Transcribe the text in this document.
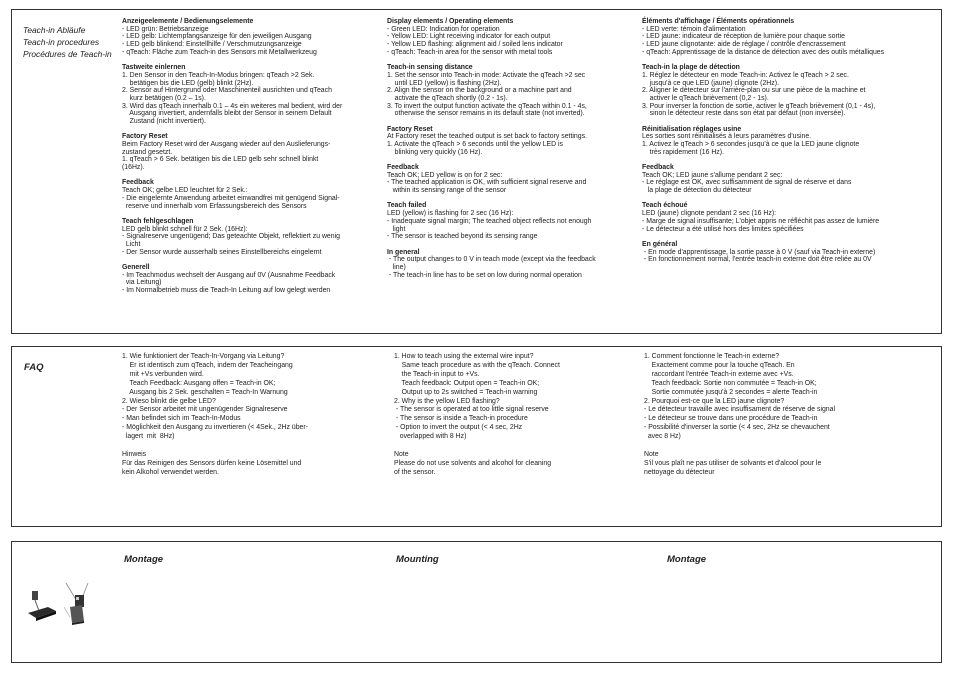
Teach-in Abläufe
Teach-in procedures
Procédures de Teach-in
Anzeigeelemente / Bedienungselemente
- LED grün: Betriebsanzeige
- LED gelb: Lichtempfangsanzeige für den jeweiligen Ausgang
- LED gelb blinkend: Einstellhilfe / Verschmutzungsanzeige
- qTeach: Fläche zum Teach-in des Sensors mit Metallwerkzeug
Tastweite einlernen
1. Den Sensor in den Teach-In-Modus bringen: qTeach >2 Sek.
betätigen bis die LED (gelb) blinkt (2Hz).
2. Sensor auf Hintergrund oder Maschinenteil ausrichten und qTeach
kurz betätigen (0.2 – 1s).
3. Wird das qTeach innerhalb 0.1 – 4s ein weiteres mal bedient, wird der
Ausgang invertiert, andernfalls bleibt der Sensor in seinem Default
Zustand (nicht invertiert).
Factory Reset
Beim Factory Reset wird der Ausgang wieder auf den Auslieferungs-
zustand gesetzt.
1. qTeach > 6 Sek. betätigen bis die LED gelb sehr schnell blinkt
(16Hz).
Feedback
Teach OK; gelbe LED leuchtet für 2 Sek.:
- Die eingelernte Anwendung arbeitet einwandfrei mit genügend Signal-
reserve und innerhalb vom Erfassungsbereich des Sensors
Teach fehlgeschlagen
LED gelb blinkt schnell für 2 Sek. (16Hz):
- Signalreserve ungenügend; Das geteachte Objekt, reflektiert zu wenig
Licht
- Der Sensor wurde ausserhalb seines Einstellbereichs eingelernt
Generell
- Im Teachmodus wechselt der Ausgang auf 0V (Ausnahme Feedback
via Leitung)
- Im Normalbetrieb muss die Teach-In Leitung auf low gelegt werden
Display elements / Operating elements
- Green LED: Indication for operation
- Yellow LED: Light receiving indicator for each output
- Yellow LED flashing: alignment aid / soiled lens indicator
- qTeach: Teach-in area for the sensor with metal tools
Teach-in sensing distance
1. Set the sensor into Teach-in mode: Activate the qTeach >2 sec
until LED (yellow) is flashing (2Hz).
2. Align the sensor on the background or a machine part and
activate the qTeach shortly (0.2 - 1s).
3. To invert the output function activate the qTeach within 0.1 - 4s,
otherwise the sensor remains in its default state (not inverted).
Factory Reset
At Factory reset the teached output is set back to factory settings.
1. Activate the qTeach > 6 seconds until the yellow LED is
blinking very quickly (16 Hz).
Feedback
Teach OK; LED yellow is on for 2 sec:
- The teached application is OK, with sufficient signal reserve and
within its sensing range of the sensor
Teach failed
LED (yellow) is flashing for 2 sec (16 Hz):
- Inadequate signal margin; The teached object reflects not enough
light
- The sensor is teached beyond its sensing range
In general
- The output changes to 0 V in teach mode (except via the feedback
line)
- The teach-in line has to be set on low during normal operation
Éléments d'affichage / Éléments opérationnels
- LED verte: témoin d'alimentation
- LED jaune: indicateur de réception de lumière pour chaque sortie
- LED jaune clignotante: aide de réglage / contrôle d'encrassement
- qTeach: Apprentissage de la distance de détection avec des outils métalliques
Teach-in la plage de détection
1. Réglez le détecteur en mode Teach-in: Activez le qTeach > 2 sec.
jusqu'à ce que LED (jaune) clignote (2Hz).
2. Aligner le détecteur sur l'arrière-plan ou sur une pièce de la machine et
activer le qTeach brièvement (0,2 - 1s).
3. Pour inverser la fonction de sortie, activer le qTeach brièvement (0,1 - 4s),
sinon le détecteur reste dans son état par défaut (non inversée).
Réinitialisation réglages usine
Les sorties sont réinitialisés à leurs paramètres d'usine.
1. Activez le qTeach > 6 secondes jusqu'à ce que la LED jaune clignote
très rapidement (16 Hz).
Feedback
Teach OK; LED jaune s'allume pendant 2 sec:
- Le réglage est OK, avec suffisamment de signal de réserve et dans
la plage de détection du détecteur
Teach échoué
LED (jaune) clignote pendant 2 sec (16 Hz):
- Marge de signal insuffisante; L'objet appris ne réfléchit pas assez de lumière
- Le détecteur a été utilisé hors des limites spécifiées
En général
- En mode d'apprentissage, la sortie passe à 0 V (sauf via Teach-in externe)
- En fonctionnement normal, l'entrée teach-in externe doit être reliée au 0V
FAQ
1. Wie funktioniert der Teach-In-Vorgang via Leitung?
Er ist identisch zum qTeach, indem der Teacheingang
mit +Vs verbunden wird.
Teach Feedback: Ausgang offen = Teach-in OK;
Ausgang bis 2 Sek. geschalten = Teach-In Warnung
2. Wieso blinkt die gelbe LED?
- Der Sensor arbeitet mit ungenügender Signalreserve
- Man befindet sich im Teach-In-Modus
- Möglichkeit den Ausgang zu invertieren (< 4Sek., 2Hz über-
lagert  mit  8Hz)
Hinweis
Für das Reinigen des Sensors dürfen keine Lösemittel und
kein Alkohol verwendet werden.
1. How to teach using the external wire input?
Same teach procedure as with the qTeach. Connect
the Teach-in input to +Vs.
Teach feedback: Output open = Teach-in OK;
Output up to 2s switched = Teach-in warning
2. Why is the yellow LED flashing?
- The sensor is operated at too little signal reserve
- The sensor is inside a Teach-in procedure
- Option to invert the output (< 4 sec, 2Hz
overlapped with 8 Hz)
Note
Please do not use solvents and alcohol for cleaning
of the sensor.
1. Comment fonctionne le Teach-in externe?
Exactement comme pour la touche qTeach. En
raccordant l'entrée Teach-in externe avec +Vs.
Teach feedback: Sortie non commutée = Teach-in OK;
Sortie commutée jusqu'à 2 secondes = alerte Teach-in
2. Pourquoi est-ce que la LED jaune clignote?
- Le détecteur travaille avec insuffisament de réserve de signal
- Le détecteur se trouve dans une procédure de Teach-in
- Possibilité d'inverser la sortie (< 4 sec, 2Hz se chevauchent
avec 8 Hz)
Note
S'il vous plaît ne pas utiliser de solvants et d'alcool pour le
nettoyage du détecteur
Montage	Mounting	Montage
